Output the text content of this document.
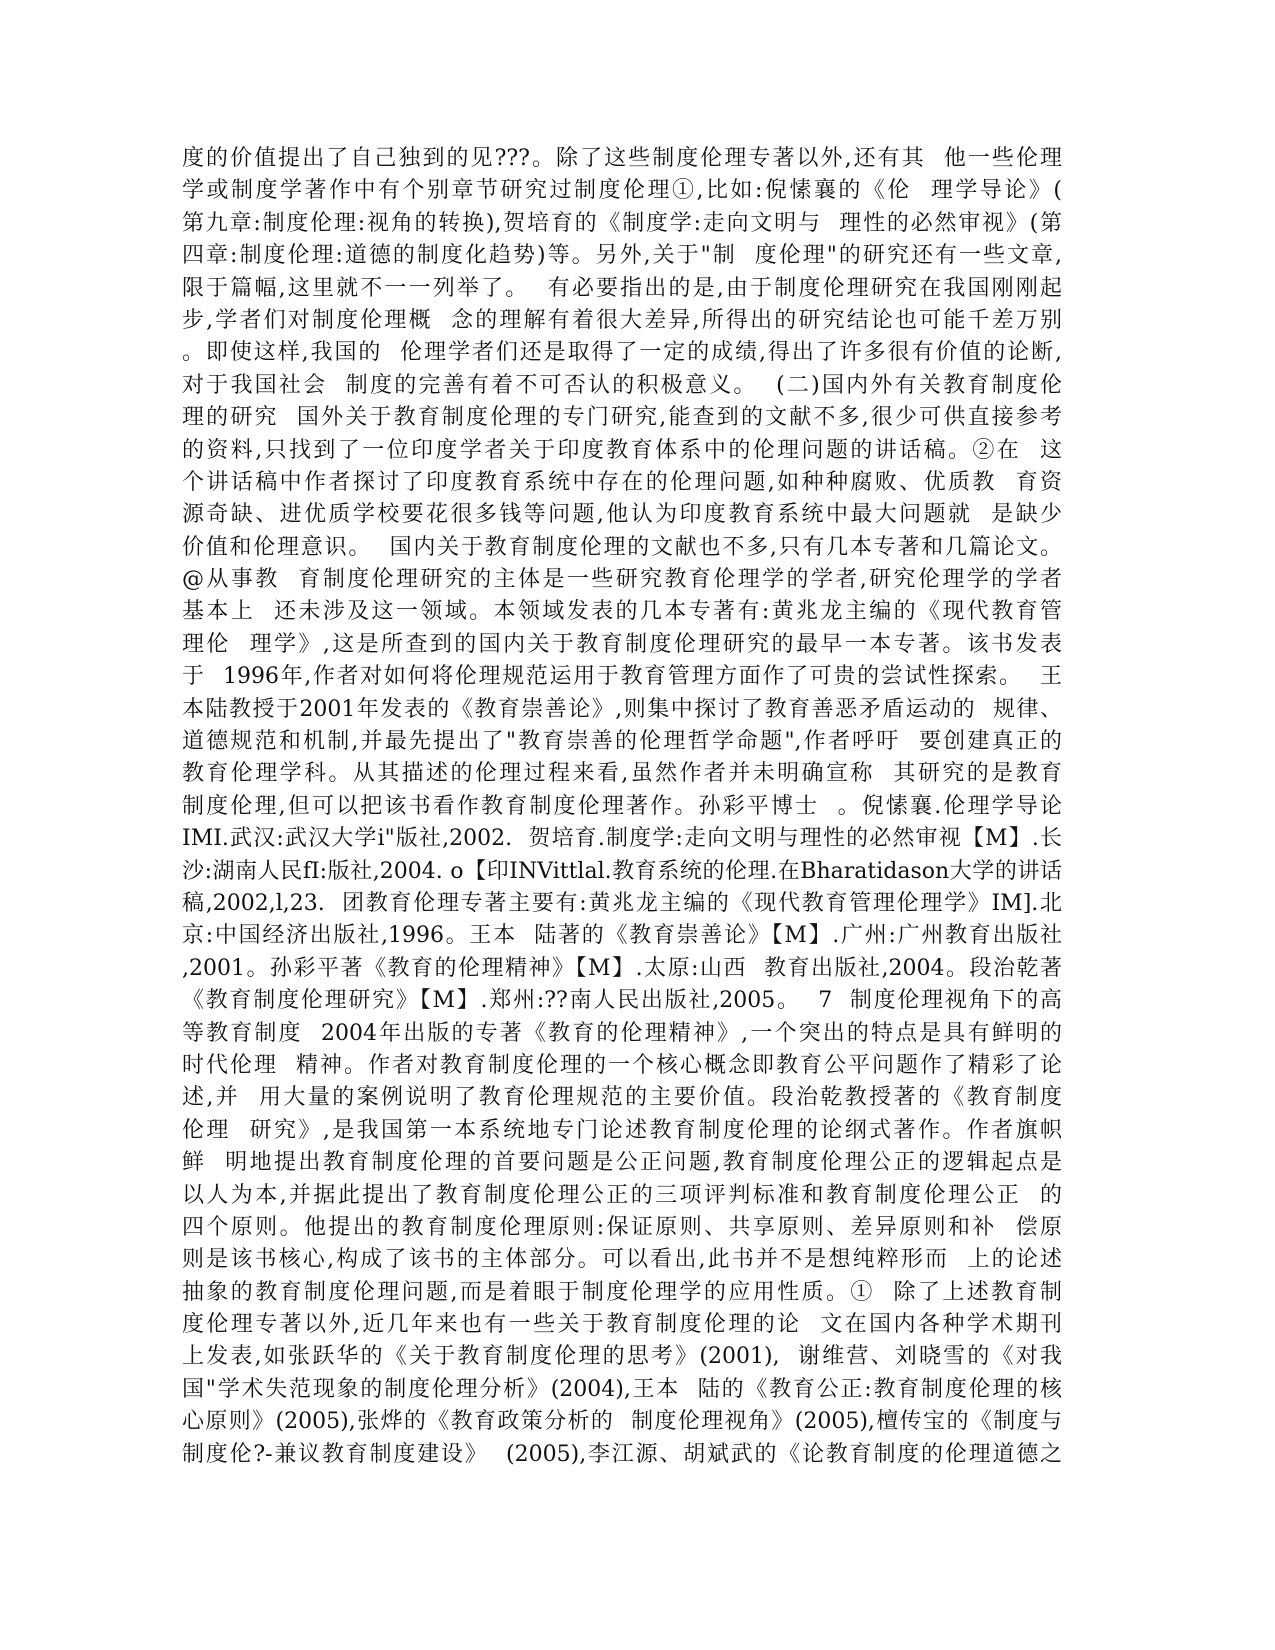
度的价值提出了自己独到的见???。除了这些制度伦理专著以外,还有其  他一些伦理
学或制度学著作中有个别章节研究过制度伦理①,比如:倪愫襄的《伦  理学导论》(
第九章:制度伦理:视角的转换),贺培育的《制度学:走向文明与  理性的必然审视》(第
四章:制度伦理:道德的制度化趋势)等。另外,关于"制  度伦理"的研究还有一些文章,
限于篇幅,这里就不一一列举了。  有必要指出的是,由于制度伦理研究在我国刚刚起
步,学者们对制度伦理概  念的理解有着很大差异,所得出的研究结论也可能千差万别
。即使这样,我国的  伦理学者们还是取得了一定的成绩,得出了许多很有价值的论断,
对于我国社会  制度的完善有着不可否认的积极意义。  (二)国内外有关教育制度伦
理的研究  国外关于教育制度伦理的专门研究,能查到的文献不多,很少可供直接参考
的资料,只找到了一位印度学者关于印度教育体系中的伦理问题的讲话稿。②在  这
个讲话稿中作者探讨了印度教育系统中存在的伦理问题,如种种腐败、优质教  育资
源奇缺、进优质学校要花很多钱等问题,他认为印度教育系统中最大问题就  是缺少
价值和伦理意识。  国内关于教育制度伦理的文献也不多,只有几本专著和几篇论文。
@从事教  育制度伦理研究的主体是一些研究教育伦理学的学者,研究伦理学的学者
基本上  还未涉及这一领域。本领域发表的几本专著有:黄兆龙主编的《现代教育管
理伦  理学》,这是所查到的国内关于教育制度伦理研究的最早一本专著。该书发表
于  1996年,作者对如何将伦理规范运用于教育管理方面作了可贵的尝试性探索。  王
本陆教授于2001年发表的《教育崇善论》,则集中探讨了教育善恶矛盾运动的  规律、
道德规范和机制,并最先提出了"教育崇善的伦理哲学命题",作者呼吁  要创建真正的
教育伦理学科。从其描述的伦理过程来看,虽然作者并未明确宣称  其研究的是教育
制度伦理,但可以把该书看作教育制度伦理著作。孙彩平博士  。倪愫襄.伦理学导论
IMI.武汉:武汉大学i"版社,2002.  贺培育.制度学:走向文明与理性的必然审视【M】.长
沙:湖南人民fI:版社,2004. o【印INVittlal.教育系统的伦理.在Bharatidason大学的讲话
稿,2002,l,23.  团教育伦理专著主要有:黄兆龙主编的《现代教育管理伦理学》IM].北
京:中国经济出版社,1996。王本  陆著的《教育崇善论》【M】.广州:广州教育出版社
,2001。孙彩平著《教育的伦理精神》【M】.太原:山西  教育出版社,2004。段治乾著
《教育制度伦理研究》【M】.郑州:??南人民出版社,2005。  7  制度伦理视角下的高
等教育制度  2004年出版的专著《教育的伦理精神》,一个突出的特点是具有鲜明的
时代伦理  精神。作者对教育制度伦理的一个核心概念即教育公平问题作了精彩了论
述,并  用大量的案例说明了教育伦理规范的主要价值。段治乾教授著的《教育制度
伦理  研究》,是我国第一本系统地专门论述教育制度伦理的论纲式著作。作者旗帜
鲜  明地提出教育制度伦理的首要问题是公正问题,教育制度伦理公正的逻辑起点是
以人为本,并据此提出了教育制度伦理公正的三项评判标准和教育制度伦理公正  的
四个原则。他提出的教育制度伦理原则:保证原则、共享原则、差异原则和补  偿原
则是该书核心,构成了该书的主体部分。可以看出,此书并不是想纯粹形而  上的论述
抽象的教育制度伦理问题,而是着眼于制度伦理学的应用性质。①  除了上述教育制
度伦理专著以外,近几年来也有一些关于教育制度伦理的论  文在国内各种学术期刊
上发表,如张跃华的《关于教育制度伦理的思考》(2001),  谢维营、刘晓雪的《对我
国"学术失范现象的制度伦理分析》(2004),王本  陆的《教育公正:教育制度伦理的核
心原则》(2005),张烨的《教育政策分析的  制度伦理视角》(2005),檀传宝的《制度与
制度伦?-兼议教育制度建设》  (2005),李江源、胡斌武的《论教育制度的伦理道德之
